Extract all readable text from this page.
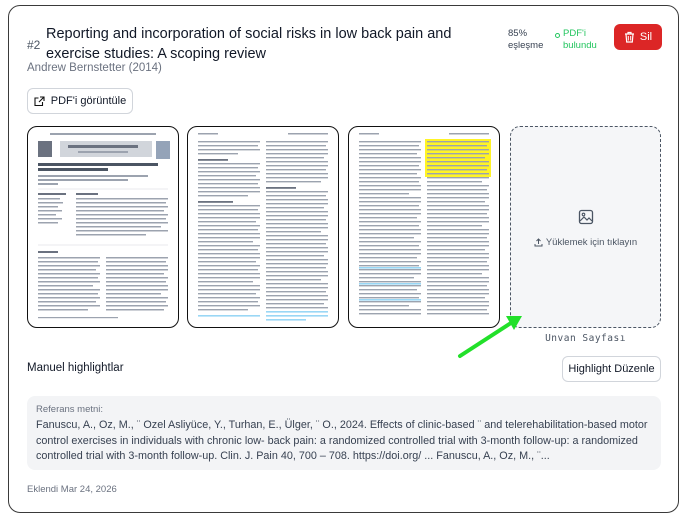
#2
Reporting and incorporation of social risks in low back pain and exercise studies: A scoping review
Andrew Bernstetter (2014)
85%
eşleşme
PDF'i
bulundu
Sil
PDF'i görüntüle
Yüklemek için tıklayın
Unvan Sayfası
Manuel highlightlar	Highlight Düzenle
Referans metni:
Fanuscu, A., Oz, M., ¨ Ozel Asliyüce, Y., Turhan, E., Ülger, ¨ O., 2024. Effects of clinic-based ¨ and telerehabilitation-based motor control exercises in individuals with chronic low- back pain: a randomized controlled trial with 3-month follow-up: a randomized controlled trial with 3-month follow-up. Clin. J. Pain 40, 700 – 708. https://doi.org/ ... Fanuscu, A., Oz, M., ¨...
Eklendi Mar 24, 2026
